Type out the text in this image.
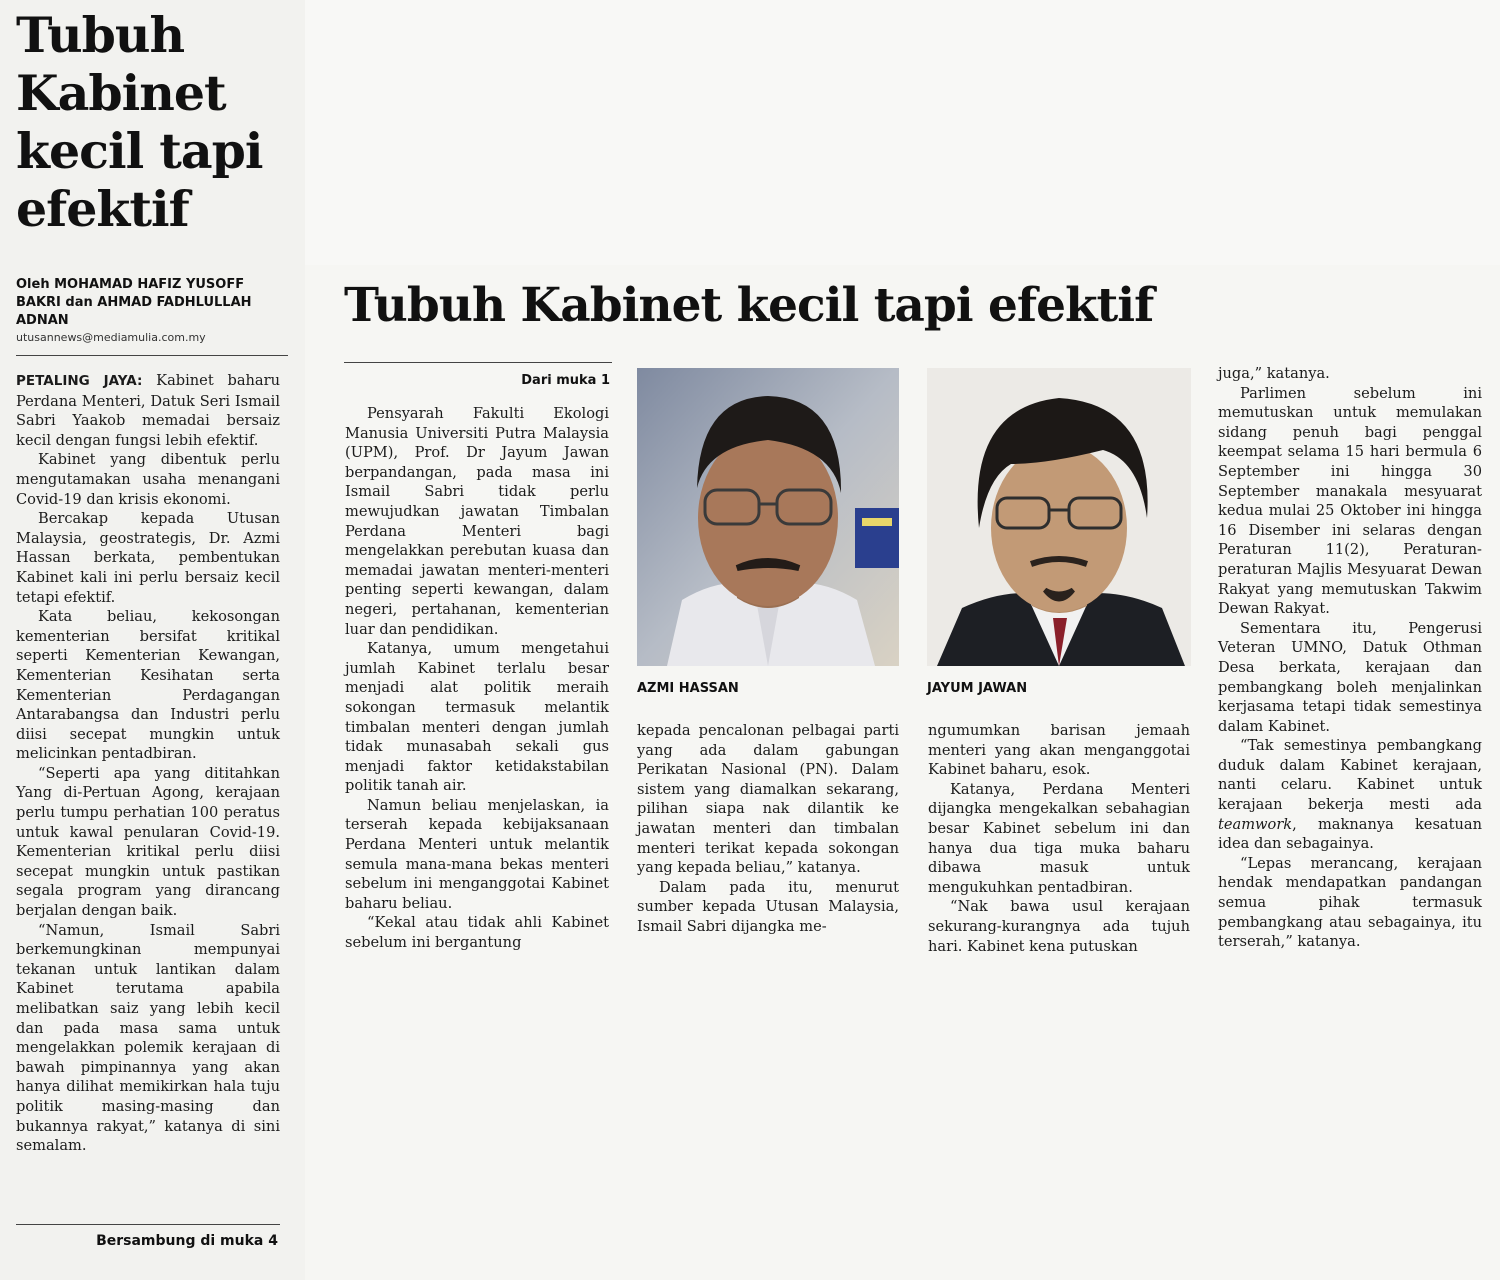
Tubuh Kabinet kecil tapi efektif
Oleh MOHAMAD HAFIZ YUSOFF BAKRI dan AHMAD FADHLULLAH ADNAN
utusannews@mediamulia.com.my

PETALING JAYA: Kabinet baharu Perdana Menteri, Datuk Seri Ismail Sabri Yaakob memadai bersaiz kecil dengan fungsi lebih efektif.

Kabinet yang dibentuk perlu mengutamakan usaha menangani Covid-19 dan krisis ekonomi.

Bercakap kepada Utusan Malaysia, geostrategis, Dr. Azmi Hassan berkata, pembentukan Kabinet kali ini perlu bersaiz kecil tetapi efektif.

Kata beliau, kekosongan kementerian bersifat kritikal seperti Kementerian Kewangan, Kementerian Kesihatan serta Kementerian Perdagangan Antarabangsa dan Industri perlu diisi secepat mungkin untuk melicinkan pentadbiran.

“Seperti apa yang dititahkan Yang di-Pertuan Agong, kerajaan perlu tumpu perhatian 100 peratus untuk kawal penularan Covid-19. Kementerian kritikal perlu diisi secepat mungkin untuk pastikan segala program yang dirancang berjalan dengan baik.

“Namun, Ismail Sabri berkemungkinan mempunyai tekanan untuk lantikan dalam Kabinet terutama apabila melibatkan saiz yang lebih kecil dan pada masa sama untuk mengelakkan polemik kerajaan di bawah pimpinannya yang akan hanya dilihat memikirkan hala tuju politik masing-masing dan bukannya rakyat,” katanya di sini semalam.

Bersambung di muka 4
Tubuh Kabinet kecil tapi efektif
Dari muka 1

Pensyarah Fakulti Ekologi Manusia Universiti Putra Malaysia (UPM), Prof. Dr Jayum Jawan berpandangan, pada masa ini Ismail Sabri tidak perlu mewujudkan jawatan Timbalan Perdana Menteri bagi mengelakkan perebutan kuasa dan memadai jawatan menteri-menteri penting seperti kewangan, dalam negeri, pertahanan, kementerian luar dan pendidikan.

Katanya, umum mengetahui jumlah Kabinet terlalu besar menjadi alat politik meraih sokongan termasuk melantik timbalan menteri dengan jumlah tidak munasabah sekali gus menjadi faktor ketidakstabilan politik tanah air.

Namun beliau menjelaskan, ia terserah kepada kebijaksanaan Perdana Menteri untuk melantik semula mana-mana bekas menteri sebelum ini menganggotai Kabinet baharu beliau.

“Kekal atau tidak ahli Kabinet sebelum ini bergantung

AZMI HASSAN	JAYUM JAWAN

kepada pencalonan pelbagai parti yang ada dalam gabungan Perikatan Nasional (PN). Dalam sistem yang diamalkan sekarang, pilihan siapa nak dilantik ke jawatan menteri dan timbalan menteri terikat kepada sokongan yang kepada beliau,” katanya.

Dalam pada itu, menurut sumber kepada Utusan Malaysia, Ismail Sabri dijangka me-

ngumumkan barisan jemaah menteri yang akan menganggotai Kabinet baharu, esok.

Katanya, Perdana Menteri dijangka mengekalkan sebahagian besar Kabinet sebelum ini dan hanya dua tiga muka baharu dibawa masuk untuk mengukuhkan pentadbiran.

“Nak bawa usul kerajaan sekurang-kurangnya ada tujuh hari. Kabinet kena putuskan

juga,” katanya.

Parlimen sebelum ini memutuskan untuk memulakan sidang penuh bagi penggal keempat selama 15 hari bermula 6 September ini hingga 30 September manakala mesyuarat kedua mulai 25 Oktober ini hingga 16 Disember ini selaras dengan Peraturan 11(2), Peraturan-peraturan Majlis Mesyuarat Dewan Rakyat yang memutuskan Takwim Dewan Rakyat.

Sementara itu, Pengerusi Veteran UMNO, Datuk Othman Desa berkata, kerajaan dan pembangkang boleh menjalinkan kerjasama tetapi tidak semestinya dalam Kabinet.

“Tak semestinya pembangkang duduk dalam Kabinet kerajaan, nanti celaru. Kabinet untuk kerajaan bekerja mesti ada teamwork, maknanya kesatuan idea dan sebagainya.

“Lepas merancang, kerajaan hendak mendapatkan pandangan semua pihak termasuk pembangkang atau sebagainya, itu terserah,” katanya.
